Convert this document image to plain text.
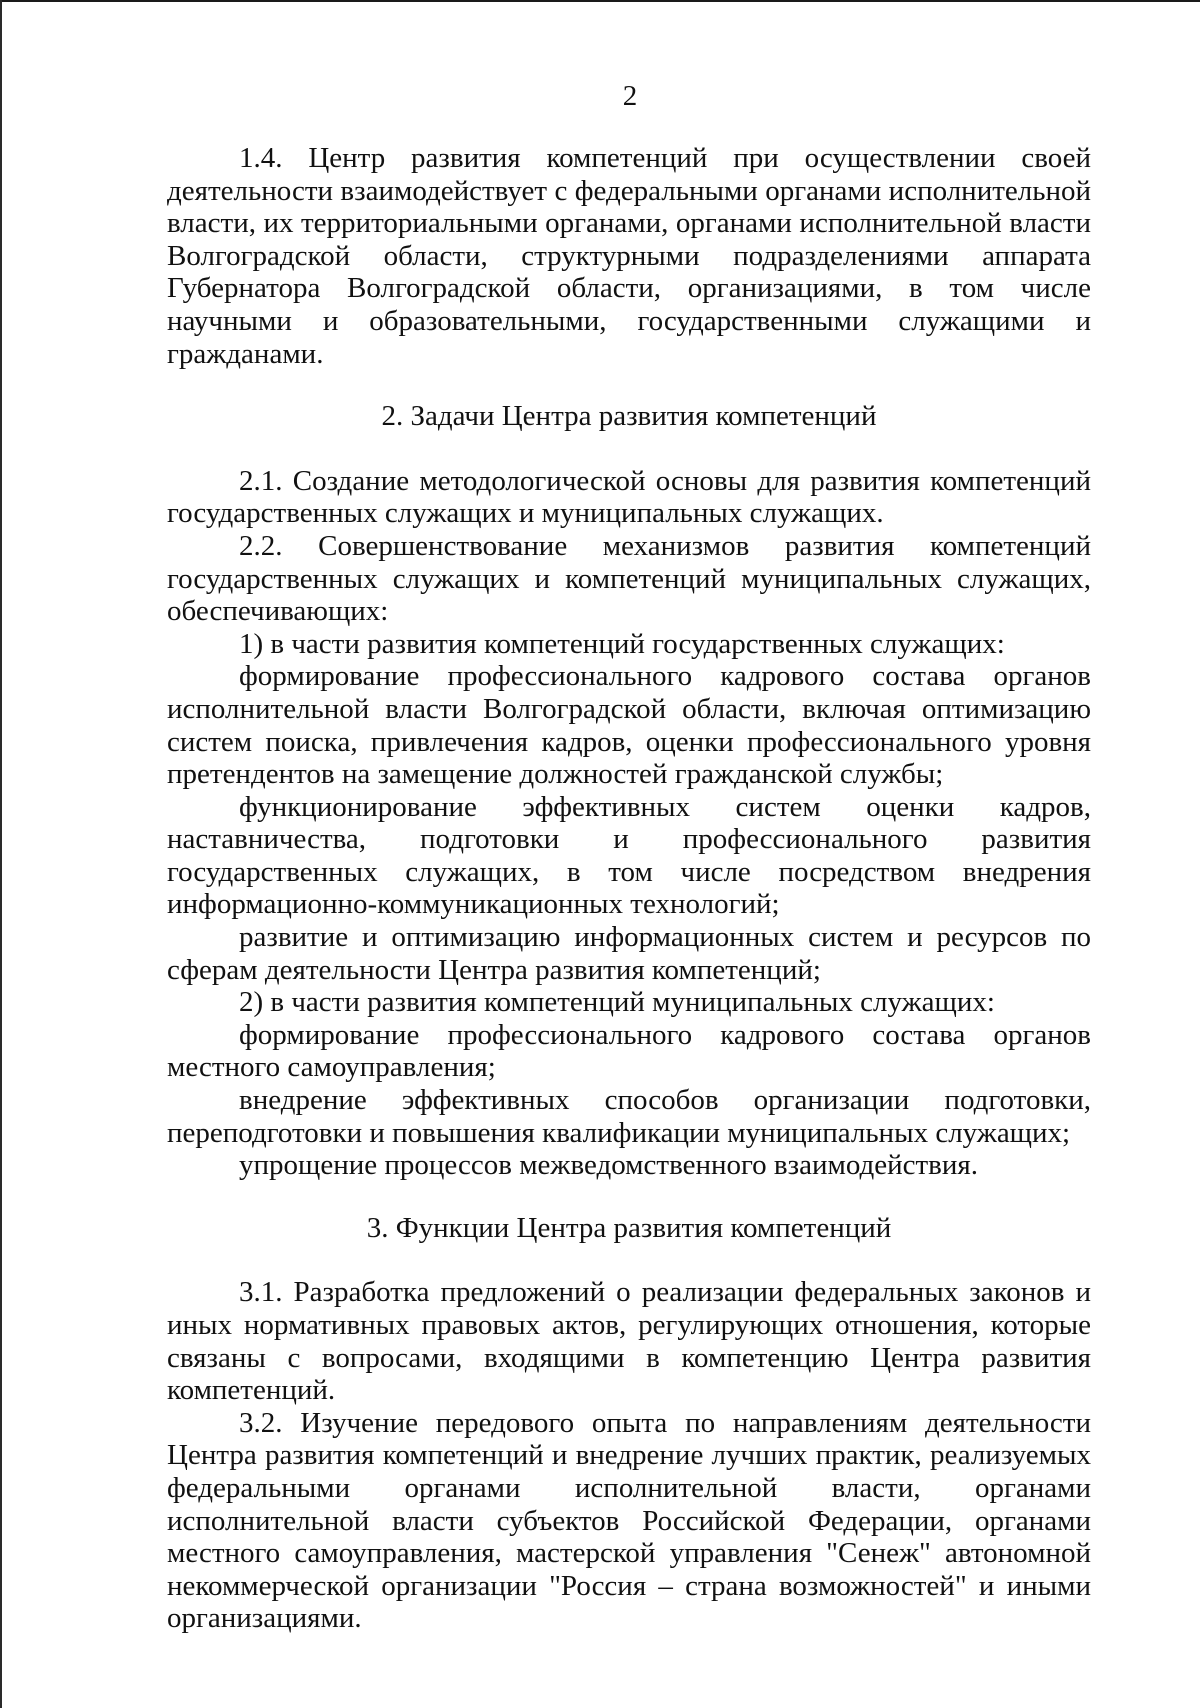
2

1.4. Центр развития компетенций при осуществлении своей деятельности взаимодействует с федеральными органами исполнительной власти, их территориальными органами, органами исполнительной власти Волгоградской области, структурными подразделениями аппарата Губернатора Волгоградской области, организациями, в том числе научными и образовательными, государственными служащими и гражданами.

2. Задачи Центра развития компетенций

2.1. Создание методологической основы для развития компетенций государственных служащих и муниципальных служащих.

2.2. Совершенствование механизмов развития компетенций государственных служащих и компетенций муниципальных служащих, обеспечивающих:

1) в части развития компетенций государственных служащих:

формирование профессионального кадрового состава органов исполнительной власти Волгоградской области, включая оптимизацию систем поиска, привлечения кадров, оценки профессионального уровня претендентов на замещение должностей гражданской службы;

функционирование эффективных систем оценки кадров, наставничества, подготовки и профессионального развития государственных служащих, в том числе посредством внедрения информационно-коммуникационных технологий;

развитие и оптимизацию информационных систем и ресурсов по сферам деятельности Центра развития компетенций;

2) в части развития компетенций муниципальных служащих:

формирование профессионального кадрового состава органов местного самоуправления;

внедрение эффективных способов организации подготовки, переподготовки и повышения квалификации муниципальных служащих;

упрощение процессов межведомственного взаимодействия.

3. Функции Центра развития компетенций

3.1. Разработка предложений о реализации федеральных законов и иных нормативных правовых актов, регулирующих отношения, которые связаны с вопросами, входящими в компетенцию Центра развития компетенций.

3.2. Изучение передового опыта по направлениям деятельности Центра развития компетенций и внедрение лучших практик, реализуемых федеральными органами исполнительной власти, органами исполнительной власти субъектов Российской Федерации, органами местного самоуправления, мастерской управления "Сенеж" автономной некоммерческой организации "Россия – страна возможностей" и иными организациями.
